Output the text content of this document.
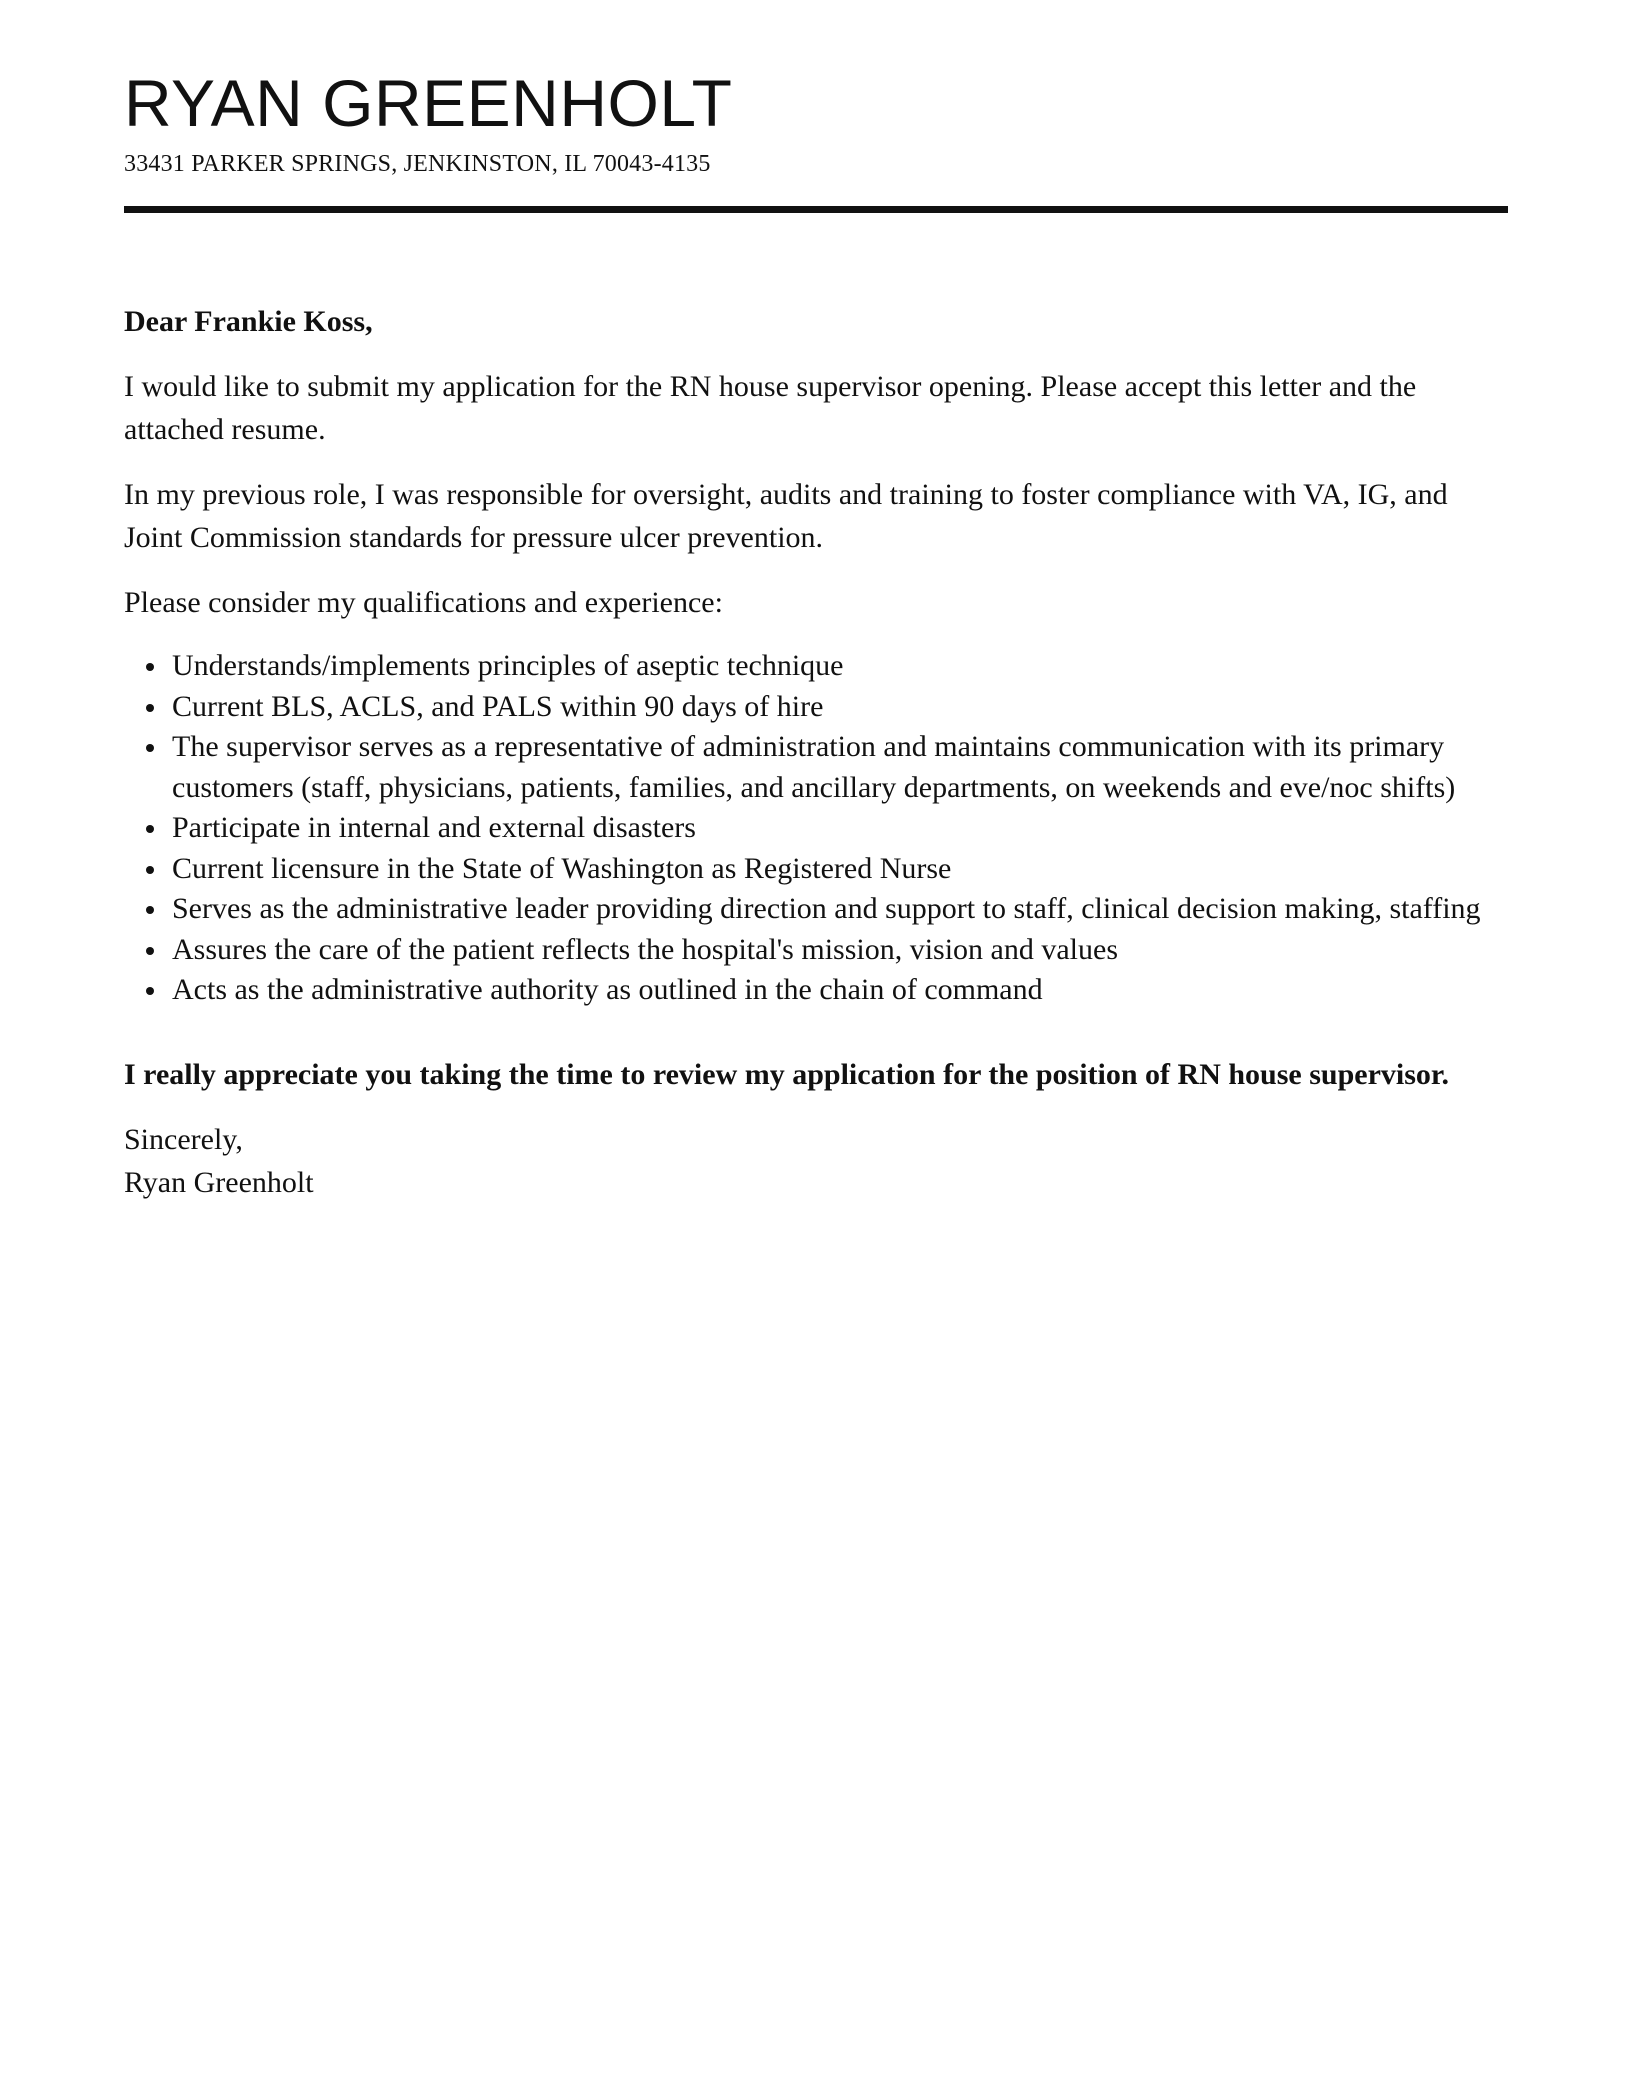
RYAN GREENHOLT
33431 PARKER SPRINGS, JENKINSTON, IL 70043-4135

Dear Frankie Koss,

I would like to submit my application for the RN house supervisor opening. Please accept this letter and the attached resume.

In my previous role, I was responsible for oversight, audits and training to foster compliance with VA, IG, and Joint Commission standards for pressure ulcer prevention.

Please consider my qualifications and experience:

Understands/implements principles of aseptic technique
Current BLS, ACLS, and PALS within 90 days of hire
The supervisor serves as a representative of administration and maintains communication with its primary customers (staff, physicians, patients, families, and ancillary departments, on weekends and eve/noc shifts)
Participate in internal and external disasters
Current licensure in the State of Washington as Registered Nurse
Serves as the administrative leader providing direction and support to staff, clinical decision making, staffing
Assures the care of the patient reflects the hospital's mission, vision and values
Acts as the administrative authority as outlined in the chain of command

I really appreciate you taking the time to review my application for the position of RN house supervisor.

Sincerely,

Ryan Greenholt
